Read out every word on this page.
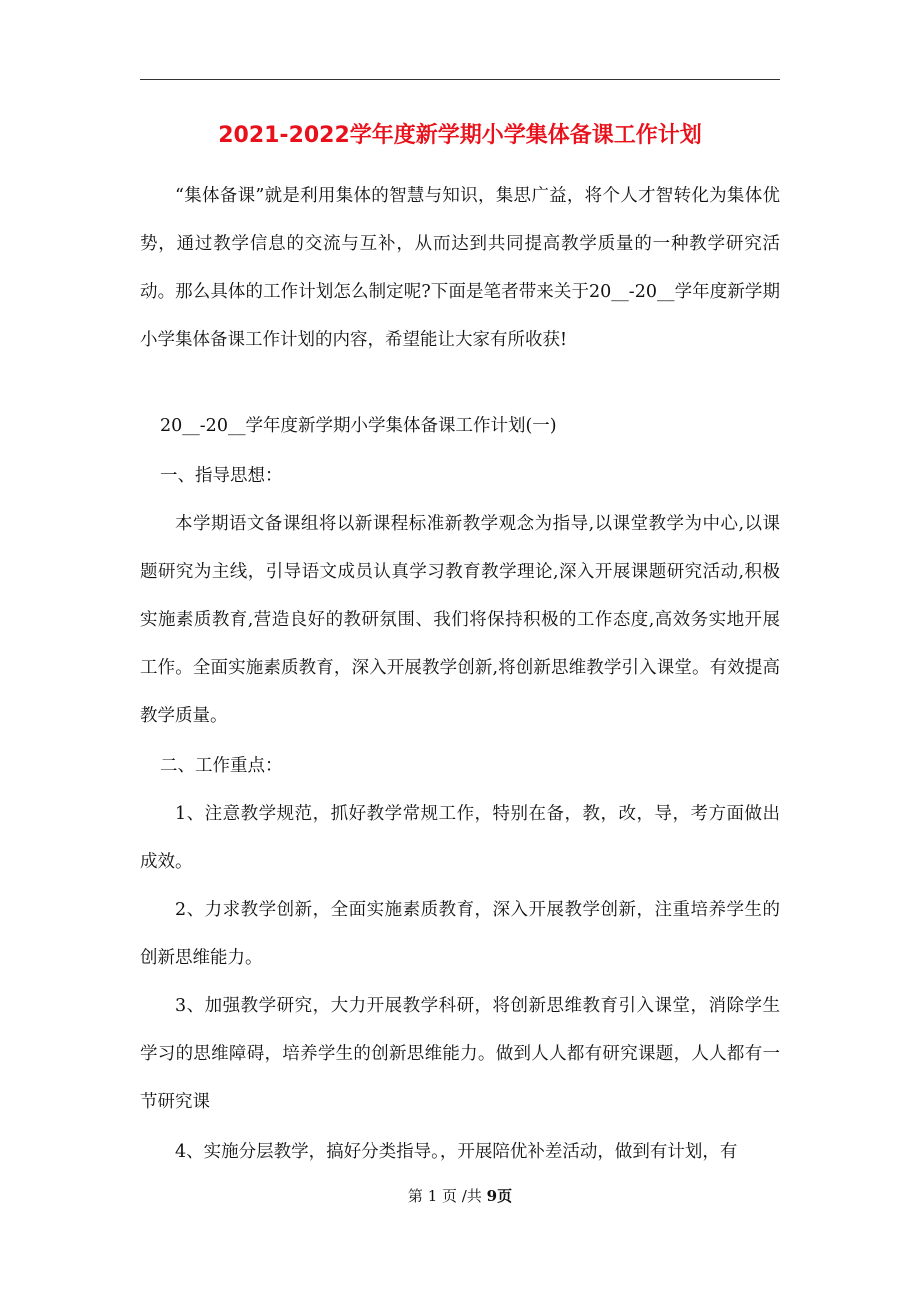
2021-2022学年度新学期小学集体备课工作计划
“集体备课”就是利用集体的智慧与知识，集思广益，将个人才智转化为集体优势，通过教学信息的交流与互补，从而达到共同提高教学质量的一种教学研究活动。那么具体的工作计划怎么制定呢?下面是笔者带来关于20__-20__学年度新学期小学集体备课工作计划的内容，希望能让大家有所收获!
20__-20__学年度新学期小学集体备课工作计划(一)
一、指导思想：
本学期语文备课组将以新课程标准新教学观念为指导,以课堂教学为中心,以课题研究为主线，引导语文成员认真学习教育教学理论,深入开展课题研究活动,积极实施素质教育,营造良好的教研氛围、我们将保持积极的工作态度,高效务实地开展工作。全面实施素质教育，深入开展教学创新,将创新思维教学引入课堂。有效提高教学质量。
二、工作重点：
1、注意教学规范，抓好教学常规工作，特别在备，教，改，导，考方面做出成效。
2、力求教学创新，全面实施素质教育，深入开展教学创新，注重培养学生的创新思维能力。
3、加强教学研究，大力开展教学科研，将创新思维教育引入课堂，消除学生学习的思维障碍，培养学生的创新思维能力。做到人人都有研究课题，人人都有一节研究课
4、实施分层教学，搞好分类指导。，开展陪优补差活动，做到有计划，有
第 1 页 /共 9页
